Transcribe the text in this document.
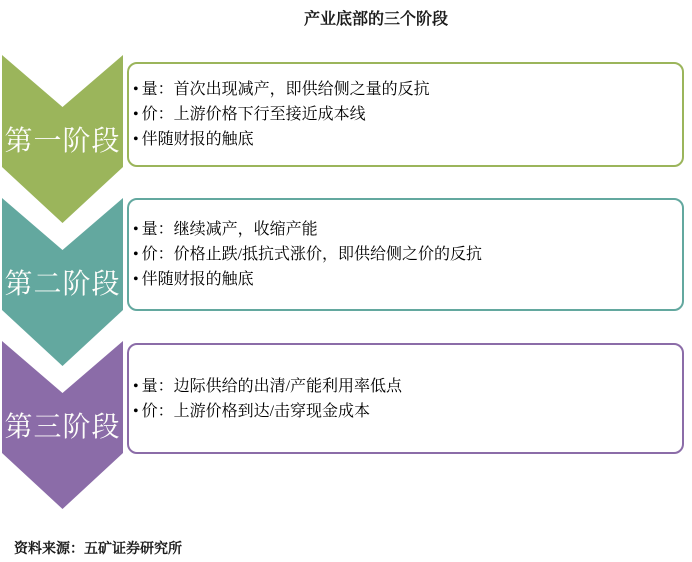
产业底部的三个阶段
第一阶段
• 量：首次出现减产，即供给侧之量的反抗
• 价：上游价格下行至接近成本线
• 伴随财报的触底
第二阶段
• 量：继续减产，收缩产能
• 价：价格止跌/抵抗式涨价，即供给侧之价的反抗
• 伴随财报的触底
第三阶段
• 量：边际供给的出清/产能利用率低点
• 价：上游价格到达/击穿现金成本
资料来源：五矿证券研究所
